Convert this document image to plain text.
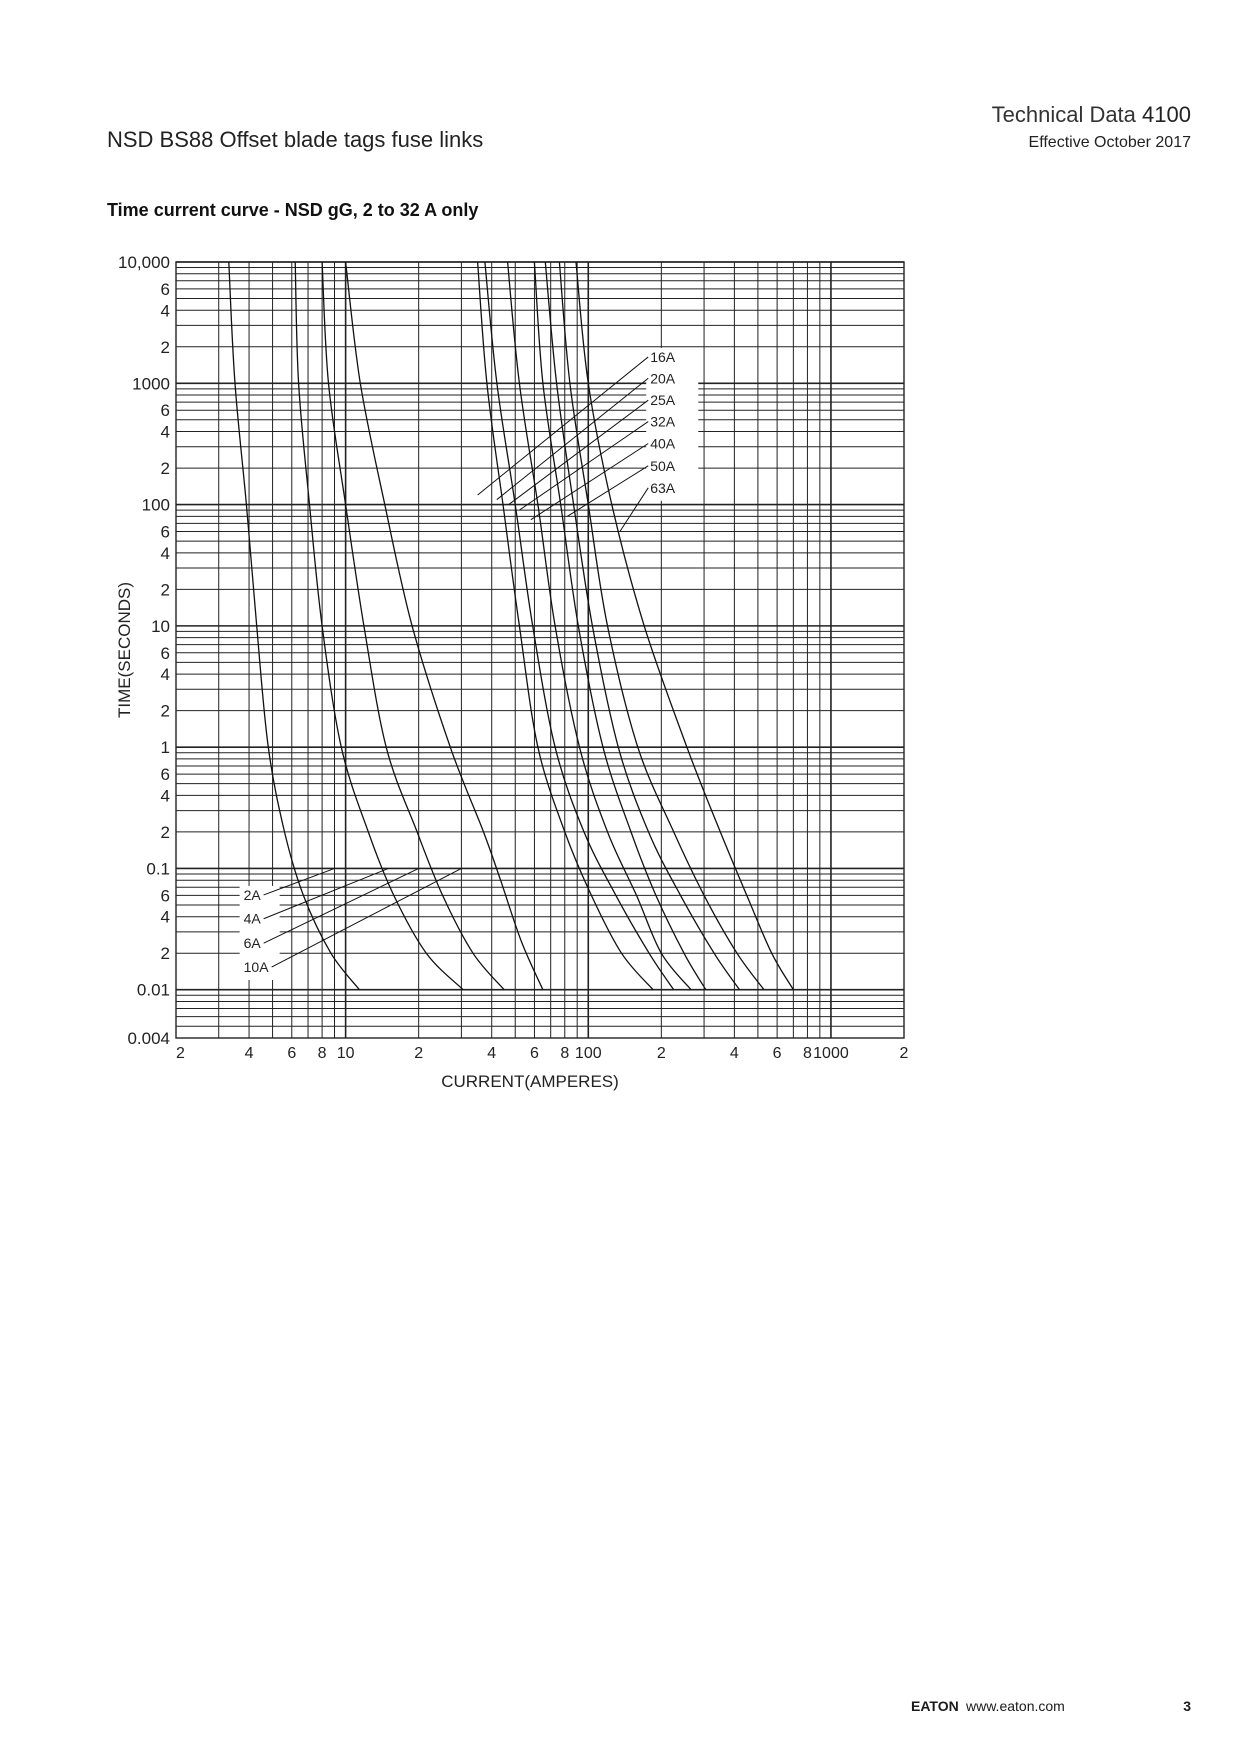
NSD BS88 Offset blade tags fuse links
Technical Data 4100
Effective October 2017
Time current curve - NSD gG, 2 to 32 A only
2A
4A
6A
10A
16A
20A
25A
32A
40A
50A
63A
2	4 6 8 10	2	4 6 8 100	2	4 6 8 1000	2
10,000
6
4
2
1000
6
4
2
100
6
4
2
10
6
4
2
1
6
4
2
0.1
6
4
2
0.01
0.004
CURRENT(AMPERES)
TIME(SECONDS)
EATON www.eaton.com	3
